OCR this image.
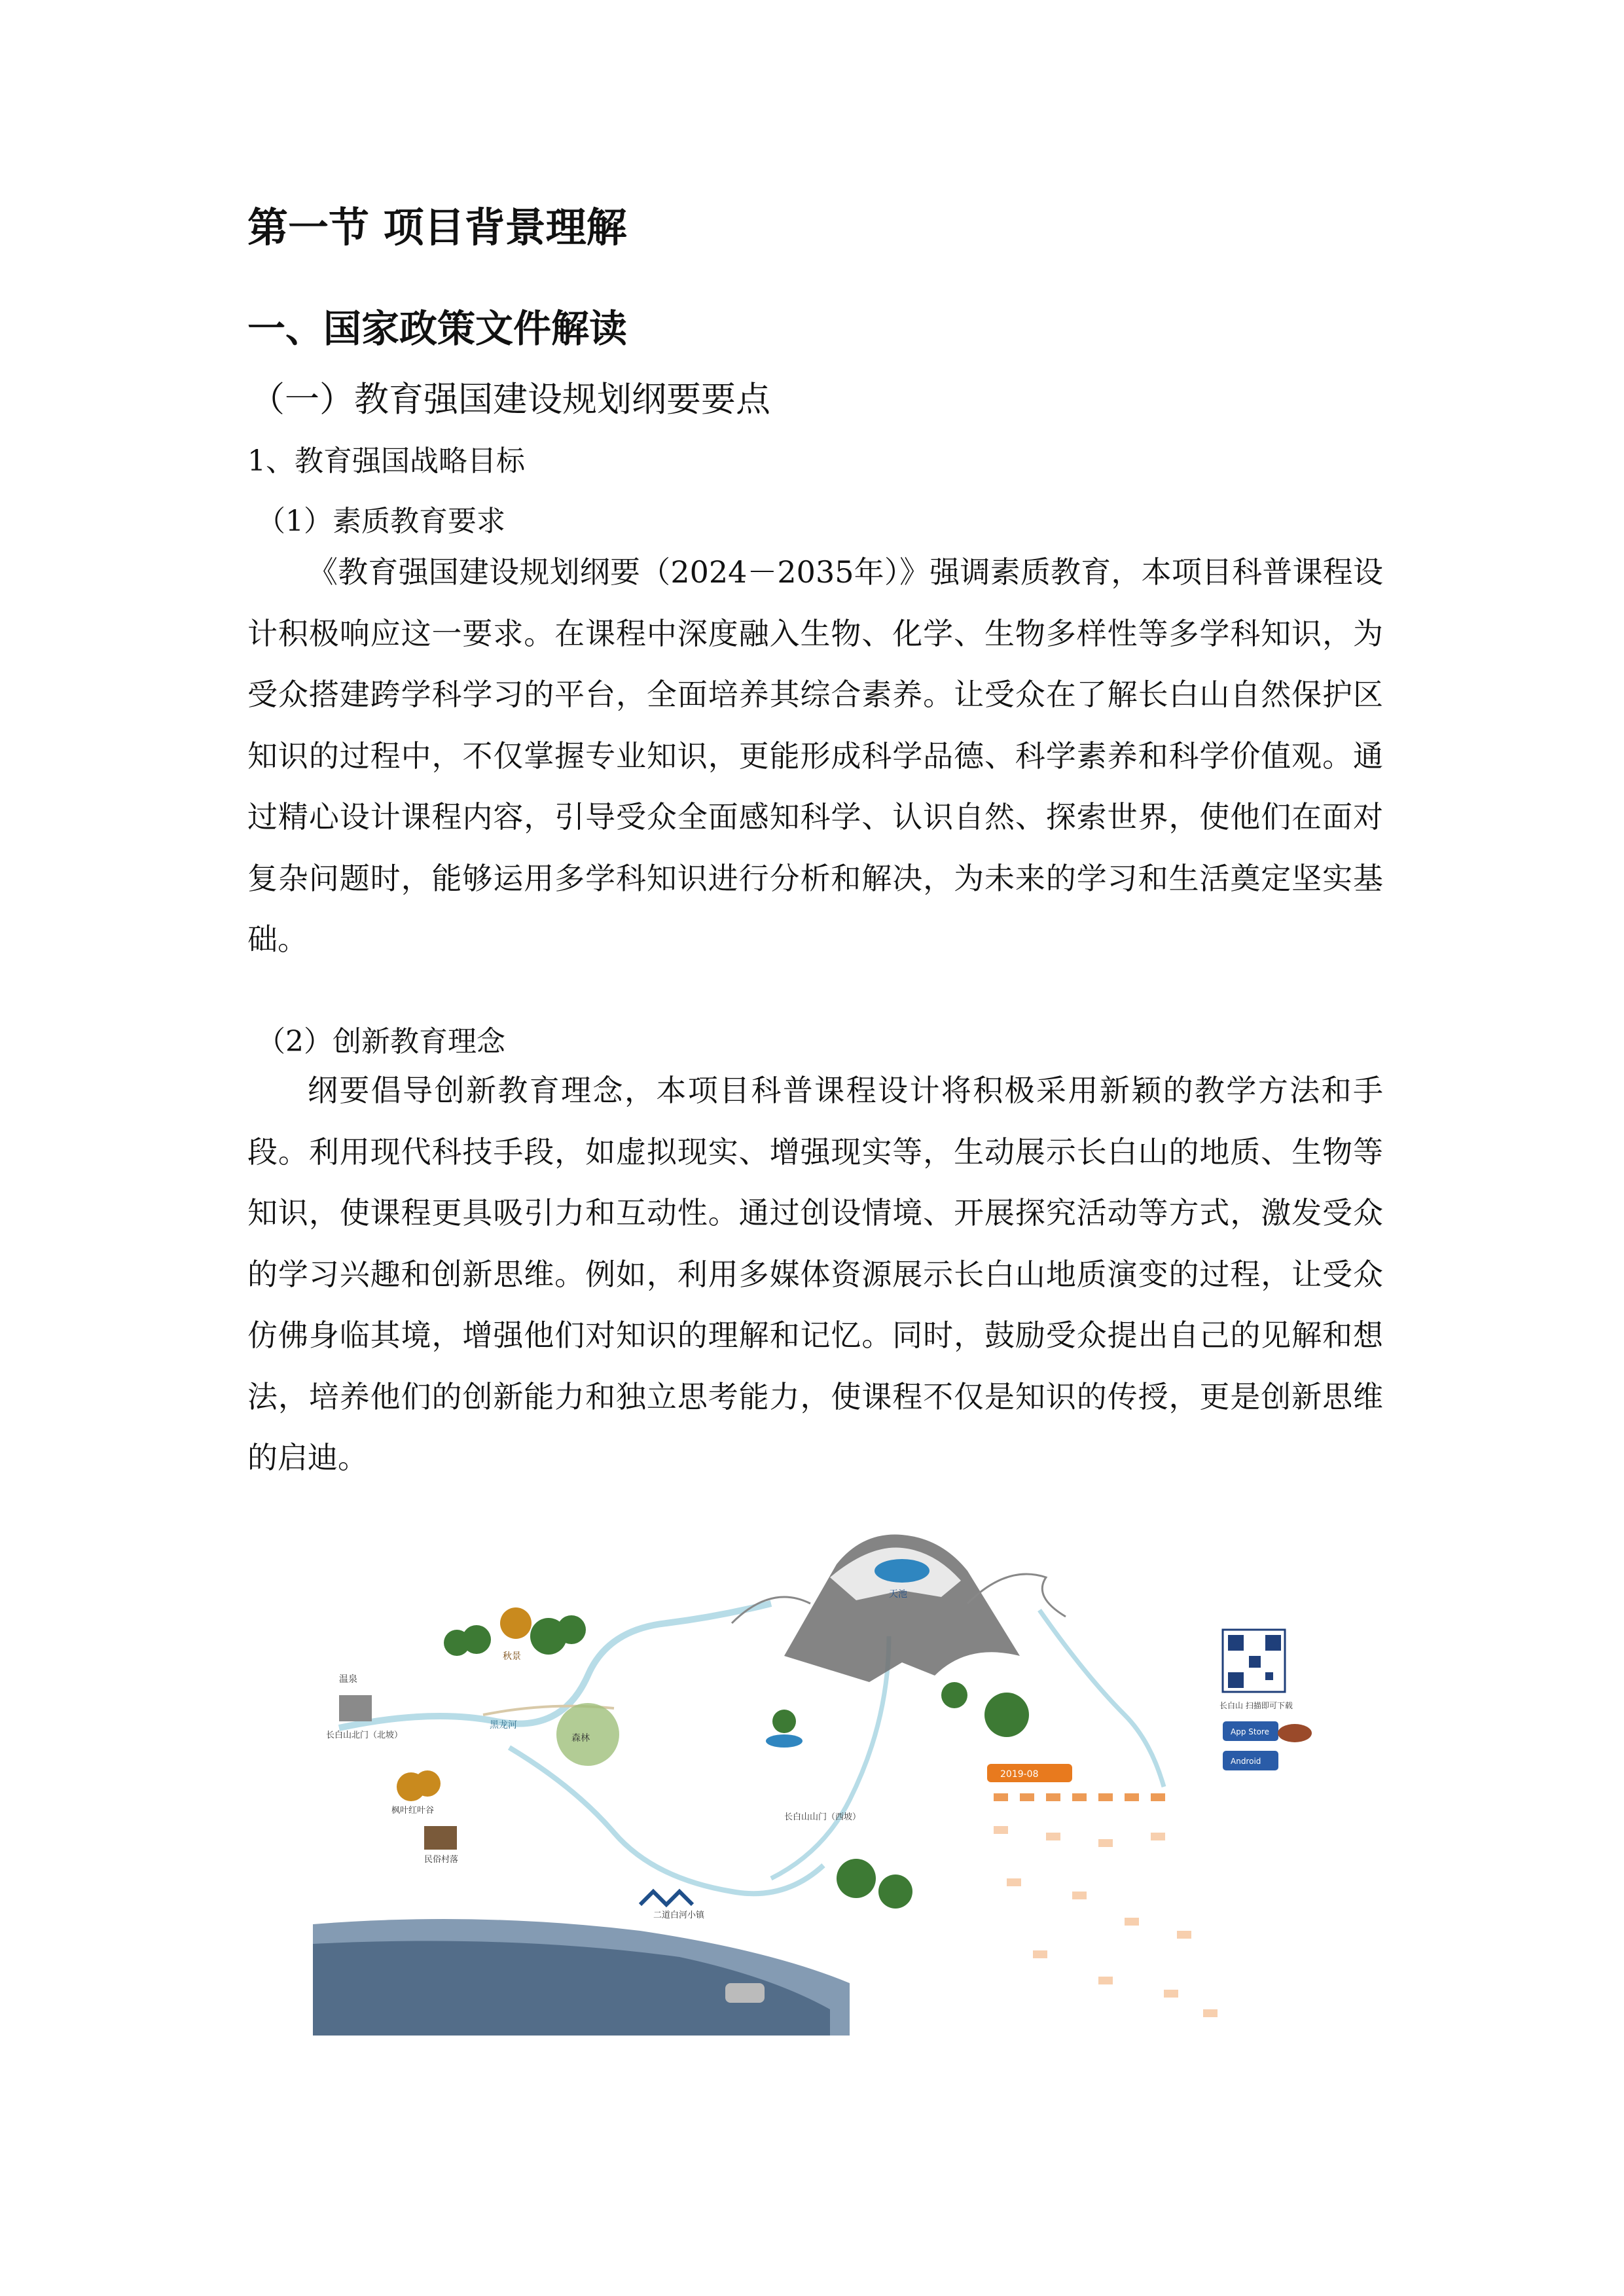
第一节 项目背景理解
一、国家政策文件解读
（一）教育强国建设规划纲要要点
1、教育强国战略目标
（1）素质教育要求

《教育强国建设规划纲要（2024－2035年）》强调素质教育，本项目科普课程设计积极响应这一要求。在课程中深度融入生物、化学、生物多样性等多学科知识，为受众搭建跨学科学习的平台，全面培养其综合素养。让受众在了解长白山自然保护区知识的过程中，不仅掌握专业知识，更能形成科学品德、科学素养和科学价值观。通过精心设计课程内容，引导受众全面感知科学、认识自然、探索世界，使他们在面对复杂问题时，能够运用多学科知识进行分析和解决，为未来的学习和生活奠定坚实基础。

（2）创新教育理念

纲要倡导创新教育理念，本项目科普课程设计将积极采用新颖的教学方法和手段。利用现代科技手段，如虚拟现实、增强现实等，生动展示长白山的地质、生物等知识，使课程更具吸引力和互动性。通过创设情境、开展探究活动等方式，激发受众的学习兴趣和创新思维。例如，利用多媒体资源展示长白山地质演变的过程，让受众仿佛身临其境，增强他们对知识的理解和记忆。同时，鼓励受众提出自己的见解和想法，培养他们的创新能力和独立思考能力，使课程不仅是知识的传授，更是创新思维的启迪。

温泉
长白山北门（北坡）
黑龙河
森林
秋景
枫叶红叶谷
民俗村落
长白山山门（西坡）
二道白河小镇
天池
长白山 扫描即可下载
App Store
Android
2019-08
